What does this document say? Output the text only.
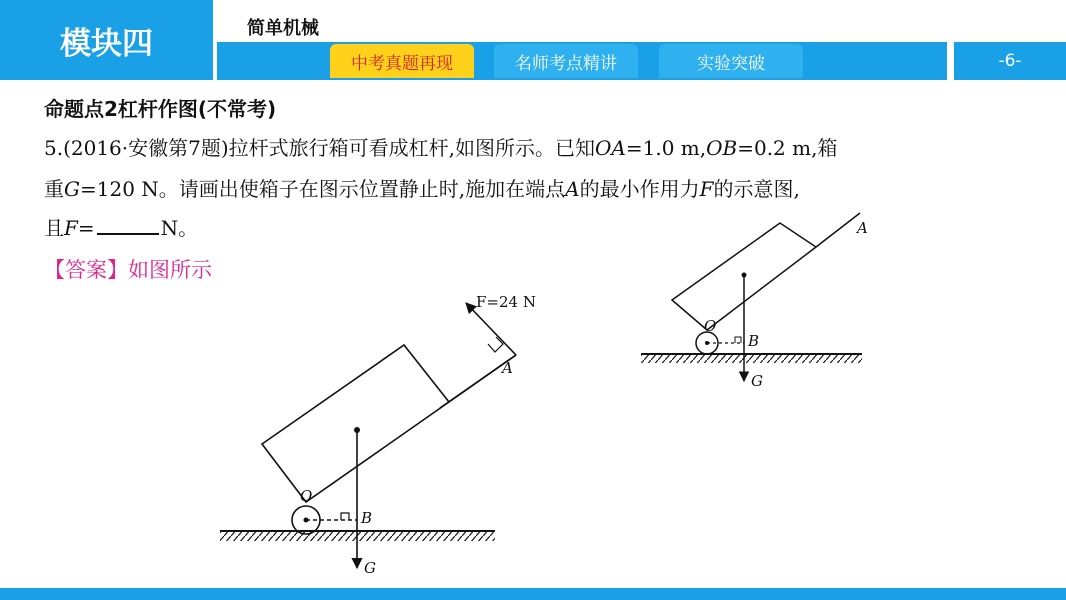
模块四	简单机械
中考真题再现	名师考点精讲	实验突破	-6-
命题点2杠杆作图(不常考)
5.(2016·安徽第7题)拉杆式旅行箱可看成杠杆,如图所示。已知OA=1.0 m,OB=0.2 m,箱
重G=120 N。请画出使箱子在图示位置静止时,施加在端点A的最小作用力F的示意图,
且F=	N。
【答案】如图所示
F=24 N
A
O
B
G
A
O
B
G
